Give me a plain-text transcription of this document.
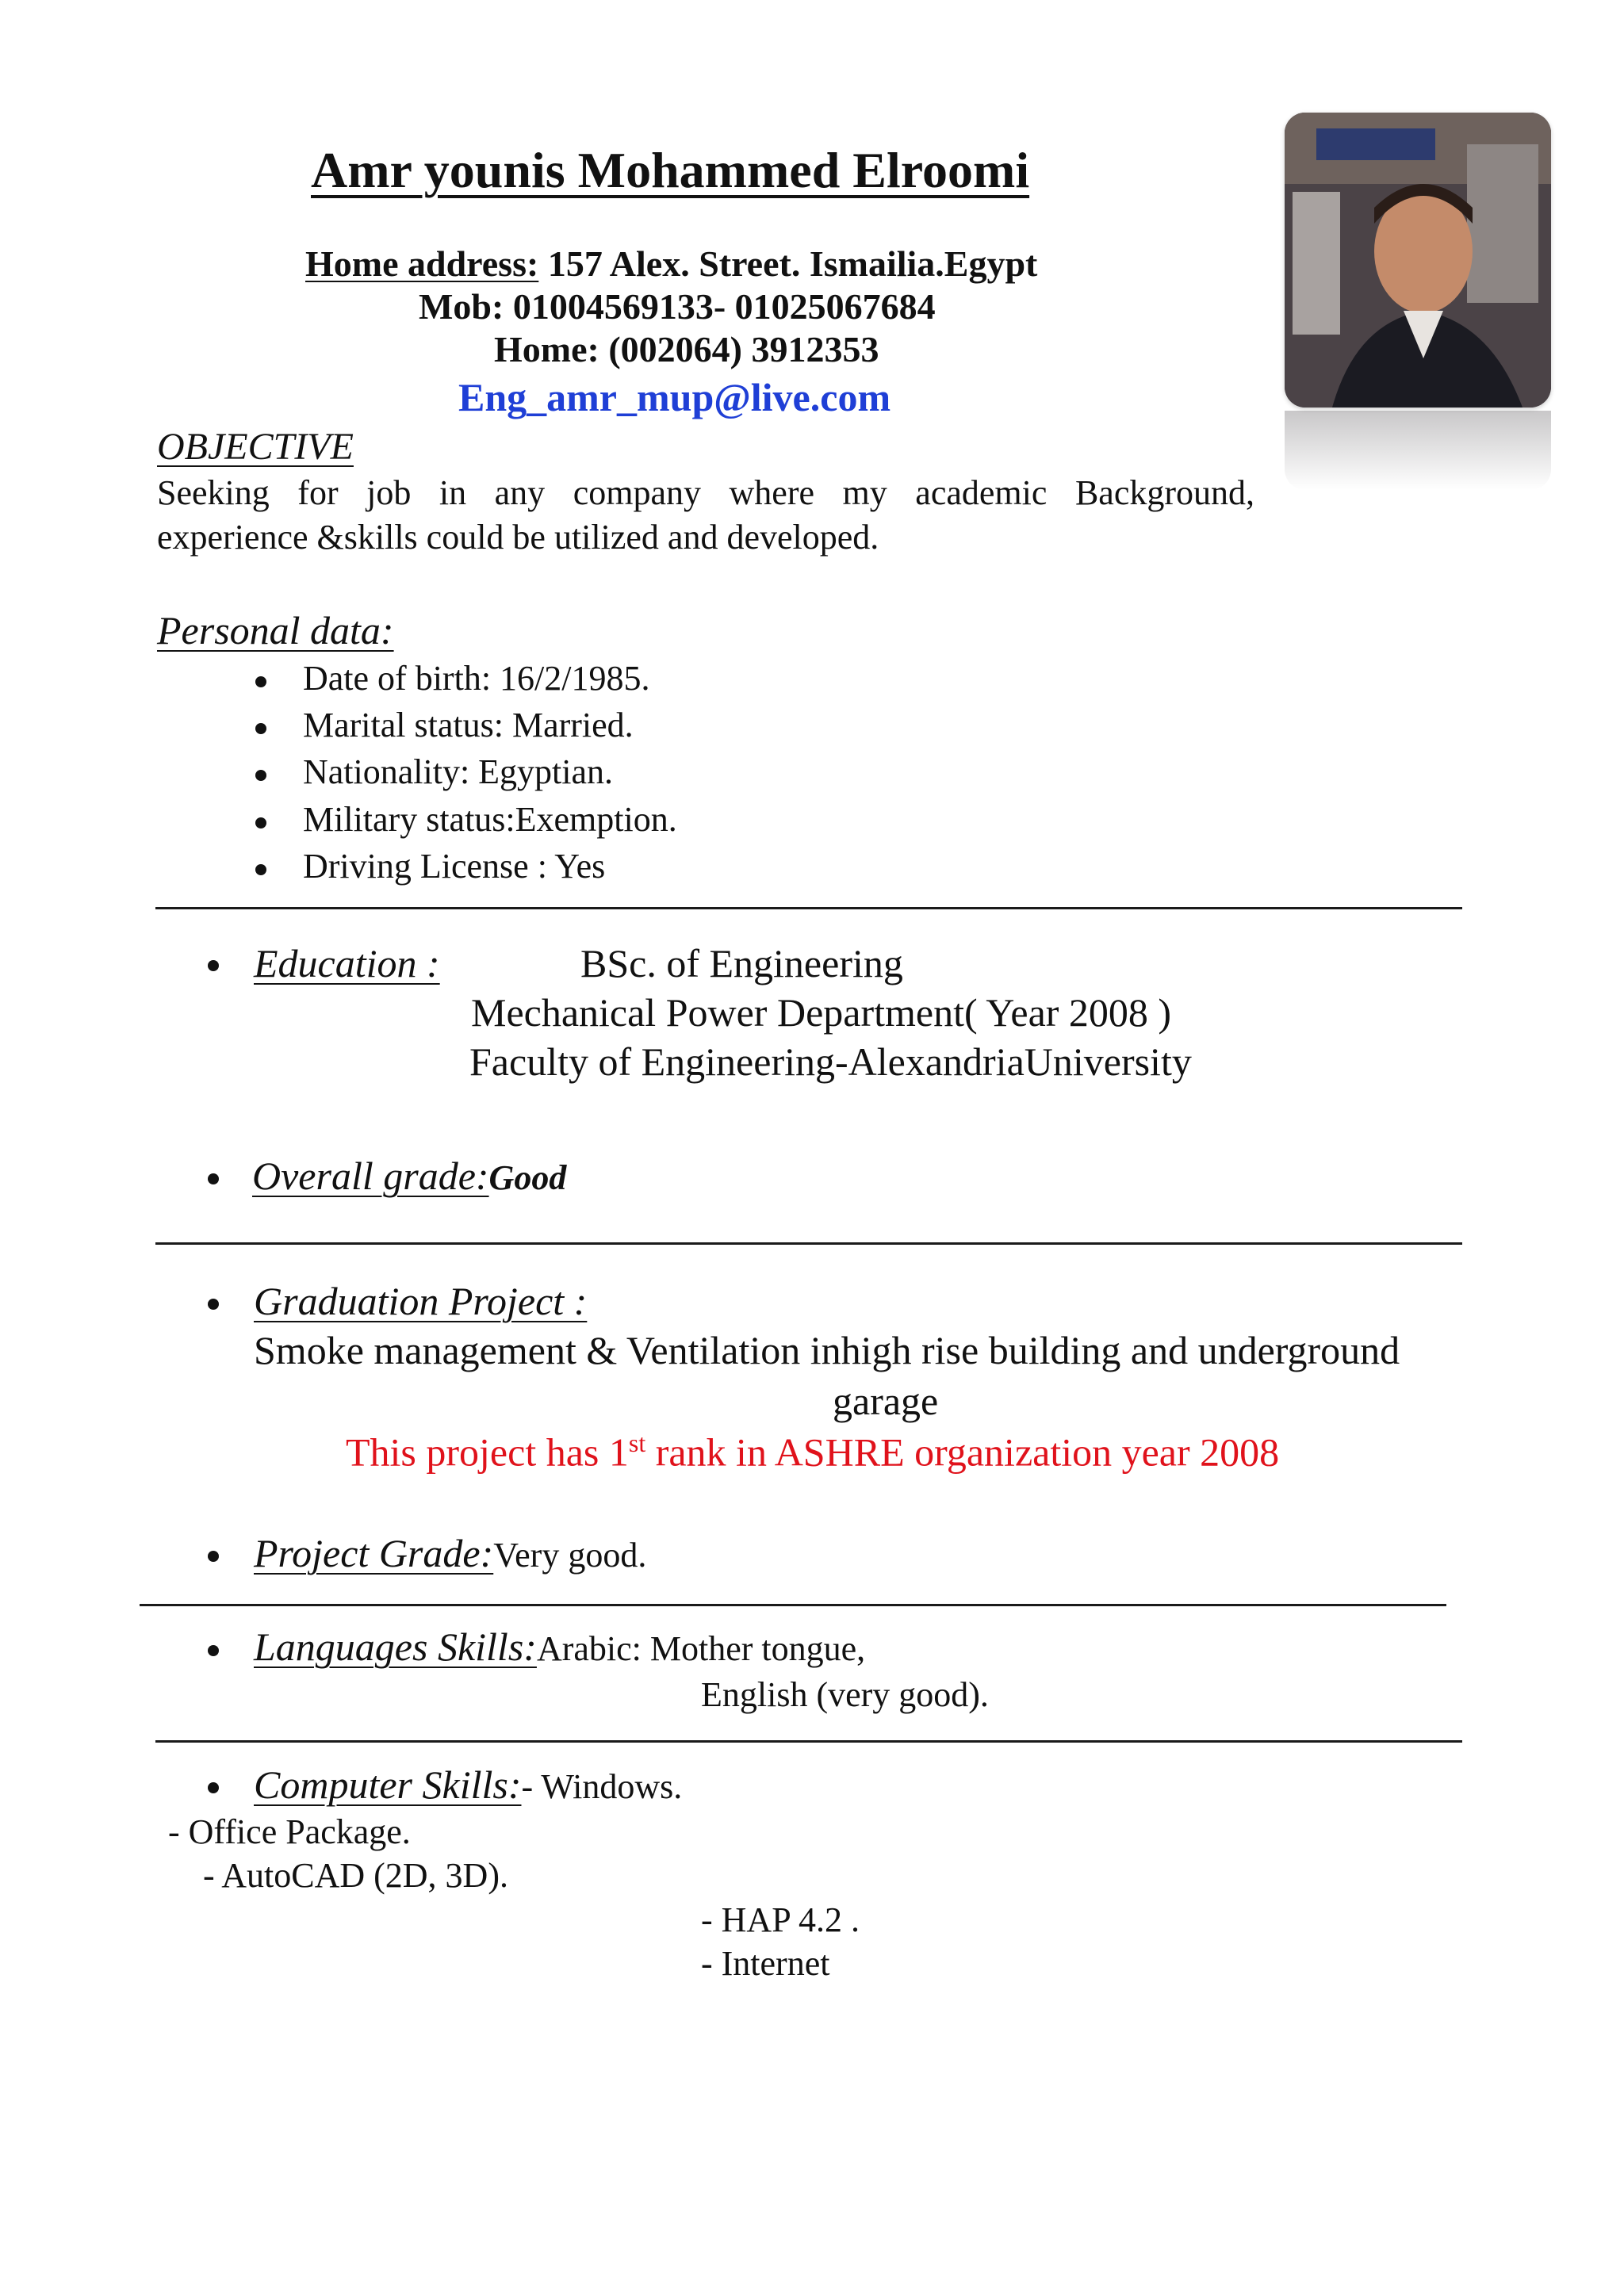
Amr younis Mohammed Elroomi
Home address: 157 Alex. Street. Ismailia.Egypt
Mob: 01004569133- 01025067684
Home: (002064) 3912353
Eng_amr_mup@live.com
OBJECTIVE
Seeking for job in any company where my academic Background,
experience &skills could be utilized and developed.
Personal data:
Date of birth: 16/2/1985.
Marital status: Married.
Nationality: Egyptian.
Military status:Exemption.
Driving License : Yes
Education :	BSc. of Engineering
Mechanical Power Department( Year 2008 )
Faculty of Engineering-AlexandriaUniversity
Overall grade:Good
Graduation Project :
Smoke management & Ventilation inhigh rise building and underground
garage
This project has 1st rank in ASHRE organization year 2008
Project Grade:Very good.
Languages Skills:Arabic: Mother tongue,
English (very good).
Computer Skills:- Windows.
- Office Package.
- AutoCAD (2D, 3D).
- HAP 4.2 .
- Internet
